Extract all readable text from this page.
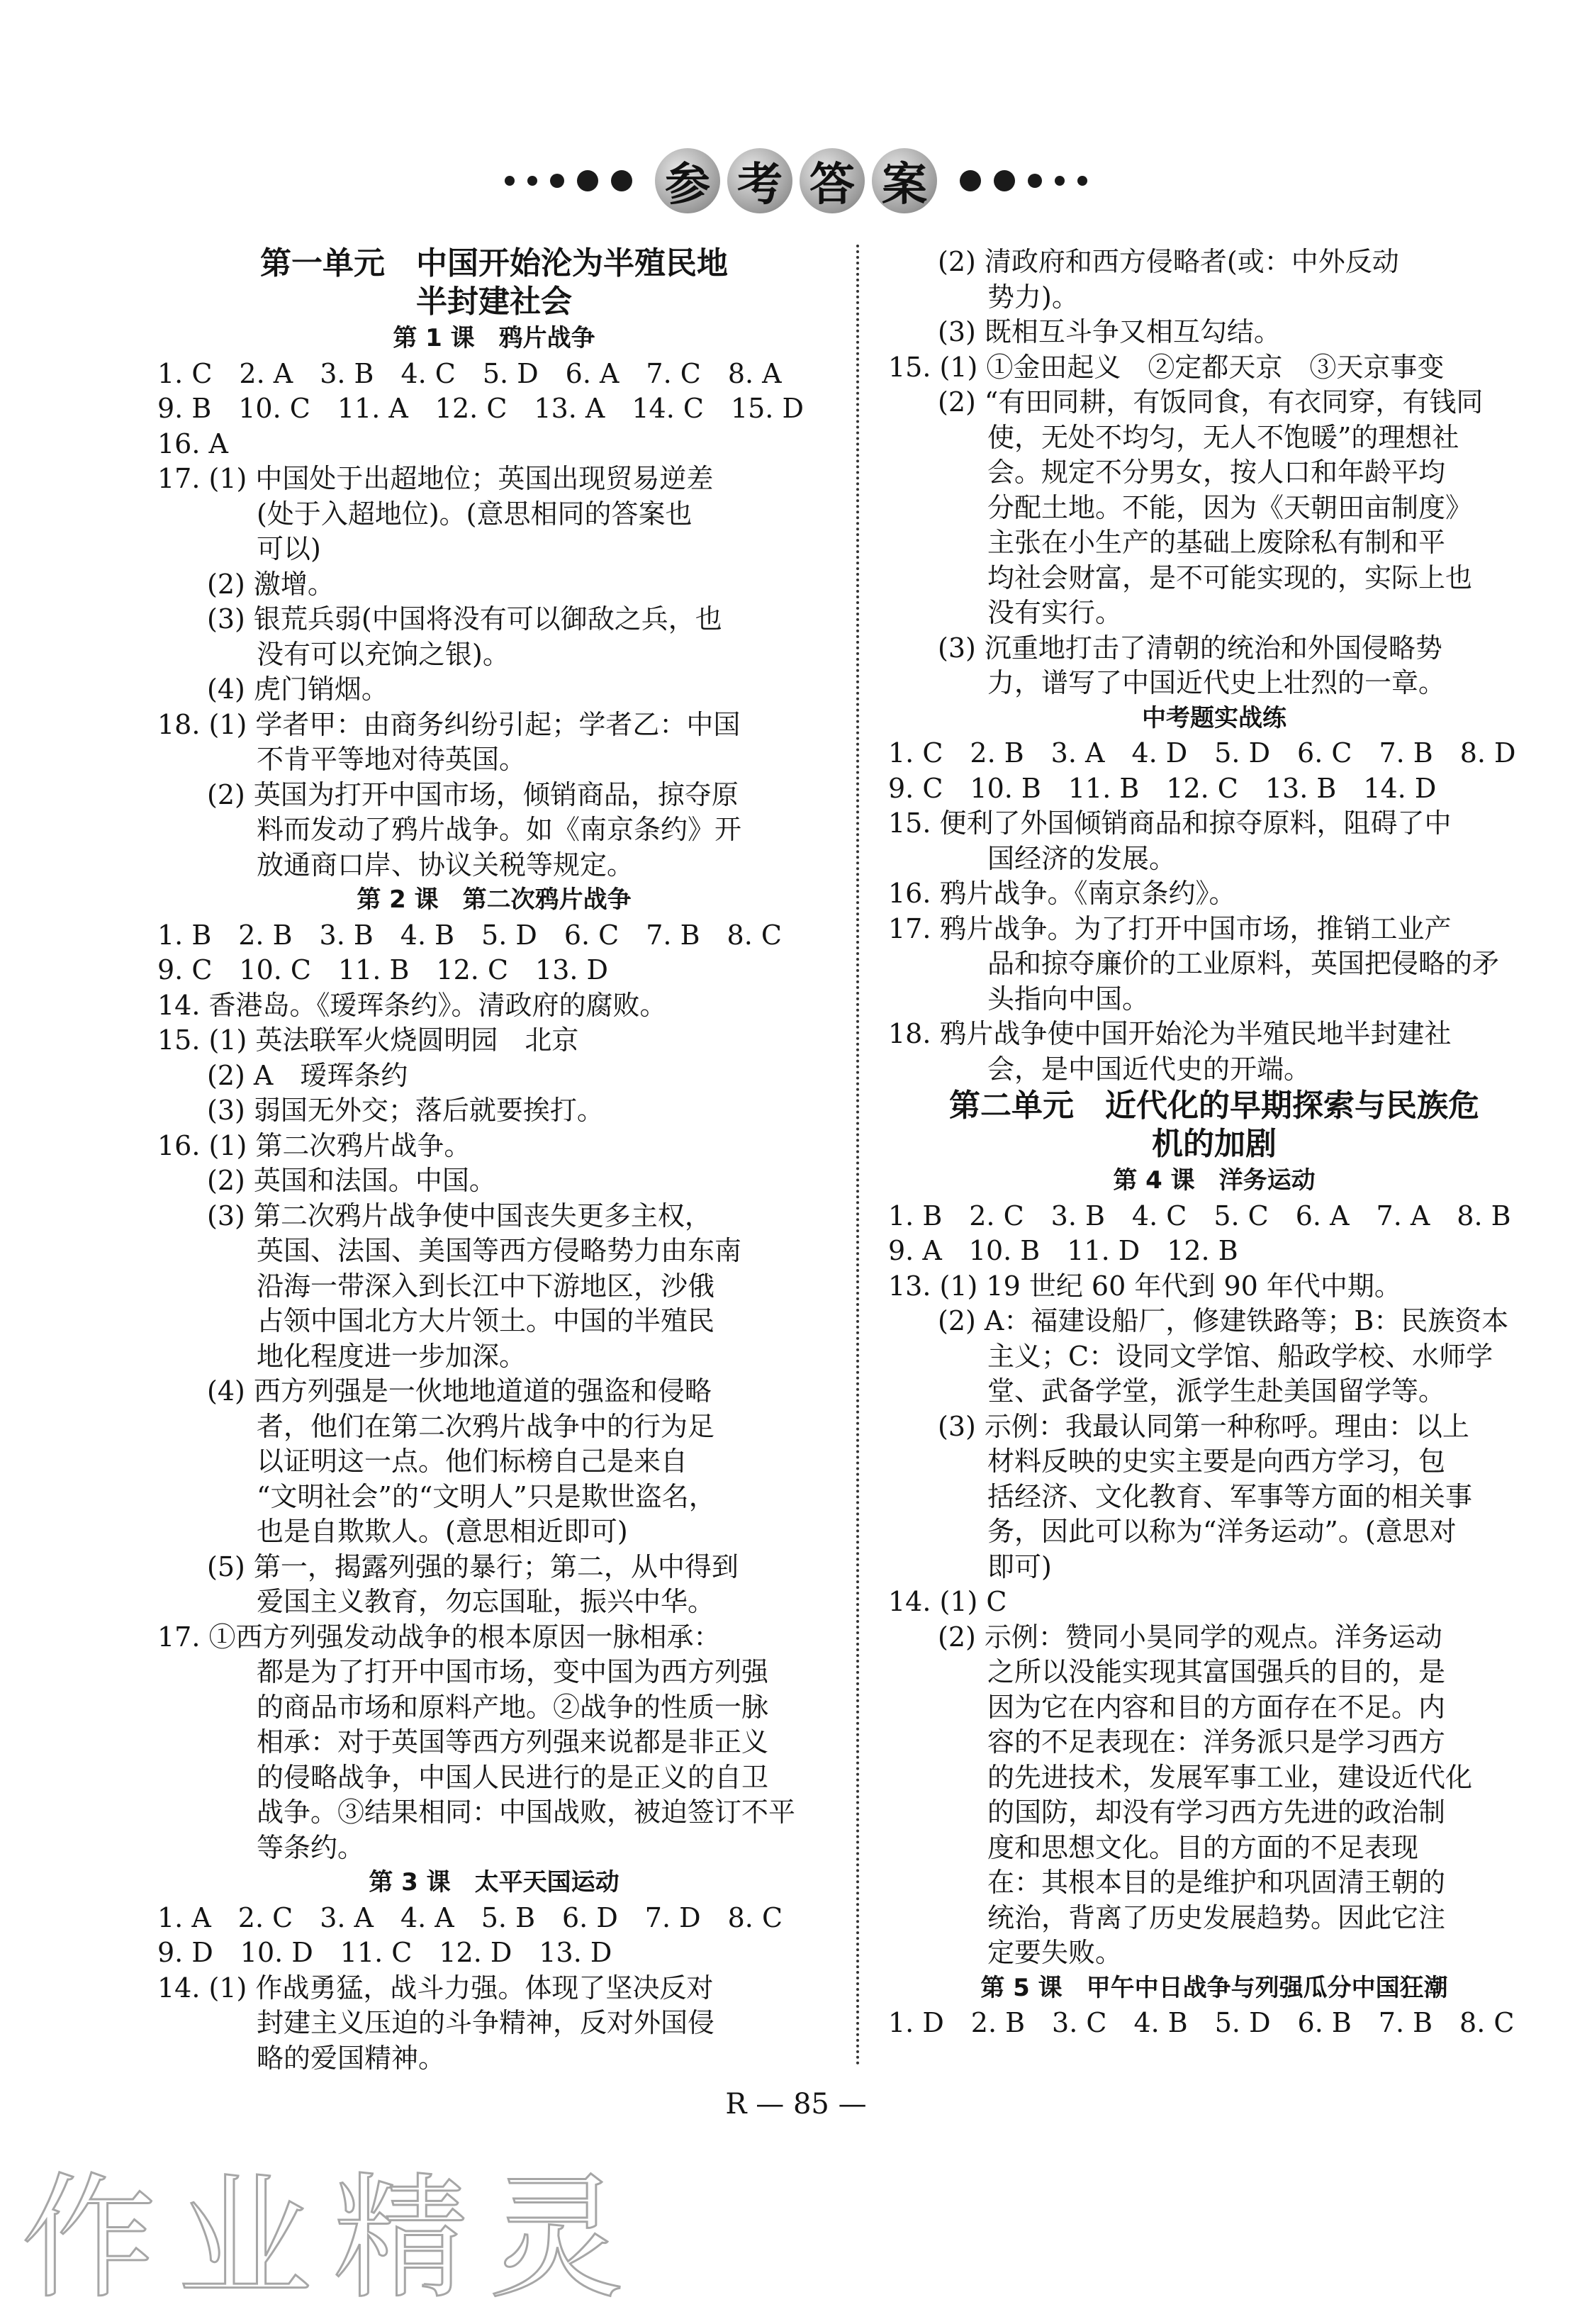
参 考 答 案
第一单元　中国开始沦为半殖民地
半封建社会
第 1 课　鸦片战争
1. C　2. A　3. B　4. C　5. D　6. A　7. C　8. A
9. B　10. C　11. A　12. C　13. A　14. C　15. D
16. A
17. (1) 中国处于出超地位；英国出现贸易逆差
(处于入超地位)。(意思相同的答案也
可以)
(2) 激增。
(3) 银荒兵弱(中国将没有可以御敌之兵，也
没有可以充饷之银)。
(4) 虎门销烟。
18. (1) 学者甲：由商务纠纷引起；学者乙：中国
不肯平等地对待英国。
(2) 英国为打开中国市场，倾销商品，掠夺原
料而发动了鸦片战争。如《南京条约》开
放通商口岸、协议关税等规定。
第 2 课　第二次鸦片战争
1. B　2. B　3. B　4. B　5. D　6. C　7. B　8. C
9. C　10. C　11. B　12. C　13. D
14. 香港岛。《瑷珲条约》。清政府的腐败。
15. (1) 英法联军火烧圆明园　北京
(2) A　瑷珲条约
(3) 弱国无外交；落后就要挨打。
16. (1) 第二次鸦片战争。
(2) 英国和法国。中国。
(3) 第二次鸦片战争使中国丧失更多主权，
英国、法国、美国等西方侵略势力由东南
沿海一带深入到长江中下游地区，沙俄
占领中国北方大片领土。中国的半殖民
地化程度进一步加深。
(4) 西方列强是一伙地地道道的强盗和侵略
者，他们在第二次鸦片战争中的行为足
以证明这一点。他们标榜自己是来自
“文明社会”的“文明人”只是欺世盗名，
也是自欺欺人。(意思相近即可)
(5) 第一，揭露列强的暴行；第二，从中得到
爱国主义教育，勿忘国耻，振兴中华。
17. ①西方列强发动战争的根本原因一脉相承：
都是为了打开中国市场，变中国为西方列强
的商品市场和原料产地。②战争的性质一脉
相承：对于英国等西方列强来说都是非正义
的侵略战争，中国人民进行的是正义的自卫
战争。③结果相同：中国战败，被迫签订不平
等条约。
第 3 课　太平天国运动
1. A　2. C　3. A　4. A　5. B　6. D　7. D　8. C
9. D　10. D　11. C　12. D　13. D
14. (1) 作战勇猛，战斗力强。体现了坚决反对
封建主义压迫的斗争精神，反对外国侵
略的爱国精神。
(2) 清政府和西方侵略者(或：中外反动
势力)。
(3) 既相互斗争又相互勾结。
15. (1) ①金田起义　②定都天京　③天京事变
(2) “有田同耕，有饭同食，有衣同穿，有钱同
使，无处不均匀，无人不饱暖”的理想社
会。规定不分男女，按人口和年龄平均
分配土地。不能，因为《天朝田亩制度》
主张在小生产的基础上废除私有制和平
均社会财富，是不可能实现的，实际上也
没有实行。
(3) 沉重地打击了清朝的统治和外国侵略势
力，谱写了中国近代史上壮烈的一章。
中考题实战练
1. C　2. B　3. A　4. D　5. D　6. C　7. B　8. D
9. C　10. B　11. B　12. C　13. B　14. D
15. 便利了外国倾销商品和掠夺原料，阻碍了中
国经济的发展。
16. 鸦片战争。《南京条约》。
17. 鸦片战争。为了打开中国市场，推销工业产
品和掠夺廉价的工业原料，英国把侵略的矛
头指向中国。
18. 鸦片战争使中国开始沦为半殖民地半封建社
会，是中国近代史的开端。
第二单元　近代化的早期探索与民族危
机的加剧
第 4 课　洋务运动
1. B　2. C　3. B　4. C　5. C　6. A　7. A　8. B
9. A　10. B　11. D　12. B
13. (1) 19 世纪 60 年代到 90 年代中期。
(2) A：福建设船厂，修建铁路等；B：民族资本
主义；C：设同文学馆、船政学校、水师学
堂、武备学堂，派学生赴美国留学等。
(3) 示例：我最认同第一种称呼。理由：以上
材料反映的史实主要是向西方学习，包
括经济、文化教育、军事等方面的相关事
务，因此可以称为“洋务运动”。(意思对
即可)
14. (1) C
(2) 示例：赞同小昊同学的观点。洋务运动
之所以没能实现其富国强兵的目的，是
因为它在内容和目的方面存在不足。内
容的不足表现在：洋务派只是学习西方
的先进技术，发展军事工业，建设近代化
的国防，却没有学习西方先进的政治制
度和思想文化。目的方面的不足表现
在：其根本目的是维护和巩固清王朝的
统治，背离了历史发展趋势。因此它注
定要失败。
第 5 课　甲午中日战争与列强瓜分中国狂潮
1. D　2. B　3. C　4. B　5. D　6. B　7. B　8. C
R — 85 —
作业精灵
